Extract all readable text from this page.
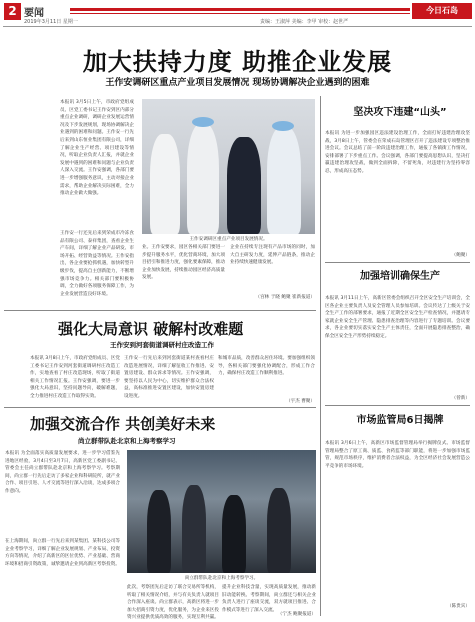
2 要闻
2019年3月11日 星期一
今日石岛
责编：王淑萍 美编：李甲 审校：赵世严
加大扶持力度 助推企业发展
王作安调研区重点产业项目发展情况 现场协调解决企业遇到的困难
本报讯 3月5日上午，市政府党组成员、区党工委书记王作安到区内部分重点企业调研，调研企业发展运营情况及下步发展规划，现场协调解决企业遇到的困难和问题。王作安一行先后来到山东恒业集团有限公司，详细了解企业生产经营、项目建设等情况，听取企业负责人汇报，并就企业发展中遇到的困难和问题与企业负责人深入交流。王作安强调，各部门要进一步增强服务意识，主动对接企业需求，帮助企业解决实际困难，全力推动企业做大做强。
王作安一行还先后来到荣成市冷冻食品有限公司、泰祥集团，查看企业生产车间，详细了解企业产品研发、市场开拓、经营效益等情况。王作安指出，各企业要抢抓机遇，加快转型升级步伐，提高自主创新能力，不断增强市场竞争力。相关部门要积极协调，全力做好各项服务保障工作，为企业发展营造良好环境。
王作安调研区重点产业项目发展情况。
业。王作安要求，园区各相关部门要进一步提升服务水平，优化营商环境，加大项目招引和推进力度，强化要素保障，推动企业加快发展，持续推动园区经济高质量发展。
企业在持续专注现有产品市场的同时，加大自主研发力度，延伸产品链条，推动企业持续快速健康发展。
（宫林 于晓 鲍聚 崔新报道）
坚决攻下违建“山头”
本报讯 为进一步加强园区违法建设治理工作，全面打好违建治理攻坚战，3月8日上午，管委会在荣成石岛管理区召开了违法建设专项整治推进会议。会议总结了前一阶段违建治理工作，通报了各镇街工作情况，安排部署了下步重点工作。会议强调，各部门要提高思想认识，坚决打赢违建治理攻坚战，做到全面拆除，不留死角，对违建行为坚持零容忍，形成高压态势。
（鲍聚）
加强培训确保生产
本报讯 3月11日上午，高新区管委会组织召开全区安全生产培训会，全区各企业主要负责人及安全管理人员参加培训。会议传达了上级关于安全生产工作的部署要求，通报了近期全区安全生产检查情况，并邀请专家就企业安全生产管理、隐患排查治理等内容进行了专题培训。会议要求，各企业要切实落实安全生产主体责任，全面开展隐患排查整治，确保全区安全生产形势持续稳定。
（曾新）
市场监管局6日揭牌
本报讯 3月6日上午，高新区市场监督管理局举行揭牌仪式。市场监督管理局整合了原工商、质监、食药监等部门职能，将进一步加强市场监管，规范市场秩序，维护消费者合法权益，为全区经济社会发展营造公平竞争的市场环境。
（陈贵宾）
强化大局意识 破解村改难题
王作安到河套街道调研村庄改造工作
本报讯 3月8日上午，市政府党组成员、区党工委书记王作安到河套街道调研村庄改造工作，实地查看了村庄改造现场，听取了街道相关工作情况汇报。王作安强调，要进一步强化大局意识，坚持问题导向，破解难题，全力推进村庄改造工作取得实效。
王作安一行先后来到河套街道某村查看村庄改造进展情况，详细了解征收工作推进、安置房建设、群众诉求等情况。王作安强调，要坚持以人民为中心，切实维护群众合法权益，高标准推进安置区建设，加快安置房建设进度。
和城市品质，改善群众居住环境。要加强组织领导，各相关部门要强化协调配合，形成工作合力，确保村庄改造工作顺利推进。
（宇杰 曹聚）
加强交流合作 共创美好未来
尚立群带队赴北京和上海考察学习
本报讯 为全面落实高质量发展要求，进一步学习借鉴先进地区经验，3月4日至3月7日，高新区党工委副书记、管委会主任尚立群带队赴北京和上海考察学习。考察期间，尚立群一行先后走访了多家企业和科研院所，就产业合作、项目引进、人才交流等进行深入洽谈，达成多项合作意向。
在上海期间，尚立群一行先后来到某集团、某科技公司等企业考察学习，详细了解企业发展规划、产业布局、投资方向等情况，介绍了高新区的区位优势、产业基础、营商环境和招商引资政策，诚挚邀请企业到高新区考察投资。
尚立群带队赴北京和上海考察学习。
此次，考察团先后走访了联合交易所等机构，听取了相关情况介绍，并与有关负责人就项目合作深入座谈。尚立群表示，高新区将进一步加大招商引资力度，优化服务，为企业来区投资兴业提供优质高效的服务，实现互利共赢。
提升企业科技含量，实现高质量发展，推动新旧动能转换。考察期间，尚立群还与相关企业负责人进行了座谈交流，双方就项目推进、合作模式等进行了深入交流。
（宁杰 鲍聚报道）
